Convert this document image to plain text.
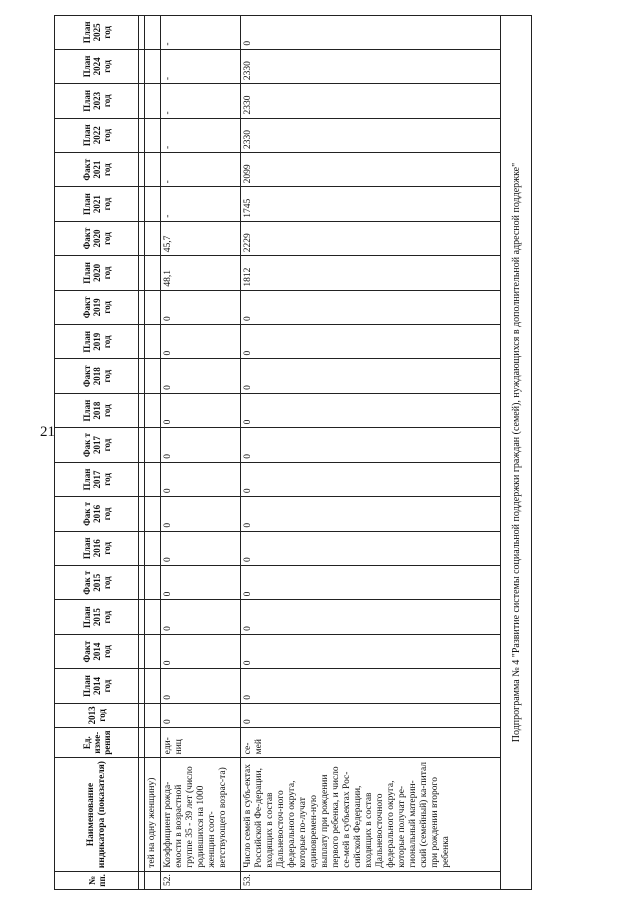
21
№ пп.	Наименование индикатора (показателя)	Ед. изме-рения	2013 год	План 2014 год	Факт 2014 год	План 2015 год	Фак т 2015 год	План 2016 год	Фак т 2016 год	План 2017 год	Фак т 2017 год	План 2018 год	Факт 2018 год	План 2019 год	Факт 2019 год	План 2020 год	Факт 2020 год	План 2021 год	Факт 2021 год	План 2022 год	План 2023 год	План 2024 год	План 2025 год

	тей на одну женщину)																						
52.	Коэффициент рожда-емости в возрастной группе 35 - 39 лет (число родившихся на 1000 женщин соот-ветствующего возрас-та)	еди-ниц	0	0	0	0	0	0	0	0	0	0	0	0	0	48,1	45,7	-	-	-	-	-	-
53.	Число семей в субъ-ектах Российской Фе-дерации, входящих в состав Дальневосточ-ного федерального округа, которые по-лучат единовремен-ную выплату при рождении первого ребенка, и число се-мей в субъектах Рос-сийской Федерации, входящих в состав Дальневосточного федерального округа, которые получат ре-гиональный материн-ский (семейный) ка-питал при рождении второго ребенка	се-мей	0	0	0	0	0	0	0	0	0	0	0	0	0	1812	2229	1745	2099	2330	2330	2330	0
Подпрограмма № 4 "Развитие системы социальной поддержки граждан (семей), нуждающихся в дополнительной адресной поддержке"																							
